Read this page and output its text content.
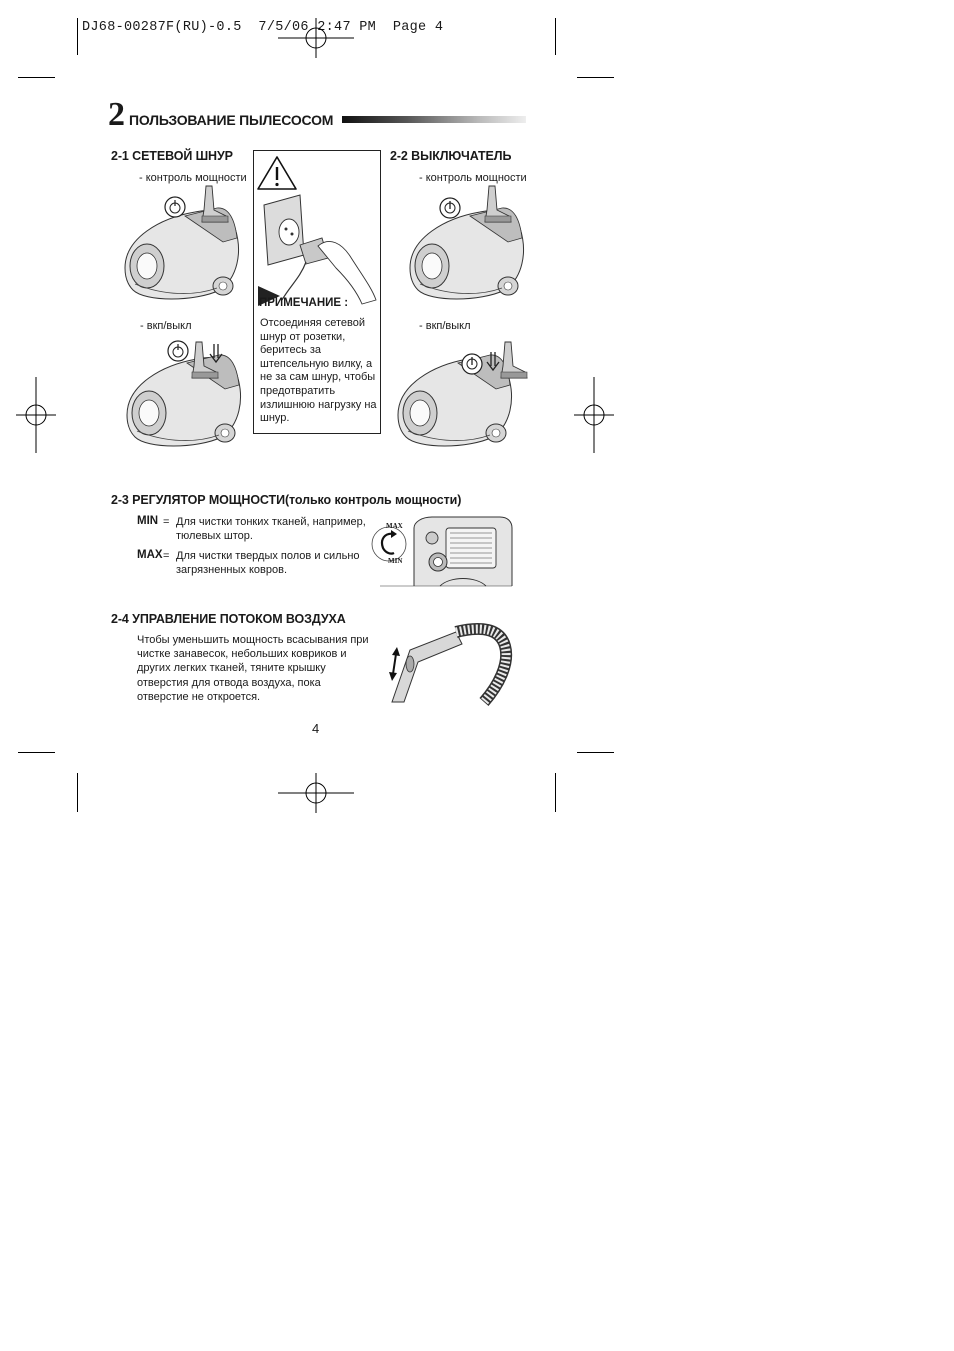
DJ68-00287F(RU)-0.5  7/5/06 2:47 PM  Page 4
2 ПОЛЬЗОВАНИЕ ПЫЛЕСОСОМ
2-1 СЕТЕВОЙ ШНУР
- контроль мощности
- вкп/выкл
ПРИМЕЧАНИЕ :
Отсоединяя сетевой шнур от розетки, беритесь за штепсельную вилку, а не за сам шнур, чтобы предотвратить излишнюю нагрузку на шнур.
2-2 ВЫКЛЮЧАТЕЛЬ
- контроль мощности
- вкп/выкл
2-3 РЕГУЛЯТОР МОЩНОСТИ(только контроль мощности)
MIN = Для чистки тонких тканей, например, тюлевых штор.
MAX = Для чистки твердых полов и сильно загрязненных ковров.
MAX
MIN
2-4 УПРАВЛЕНИЕ ПОТОКОМ ВОЗДУХА
Чтобы уменьшить мощность всасывания при чистке занавесок, небольших ковриков и других легких тканей, тяните крышку отверстия для отвода воздуха, пока отверстие не откроется.
4
